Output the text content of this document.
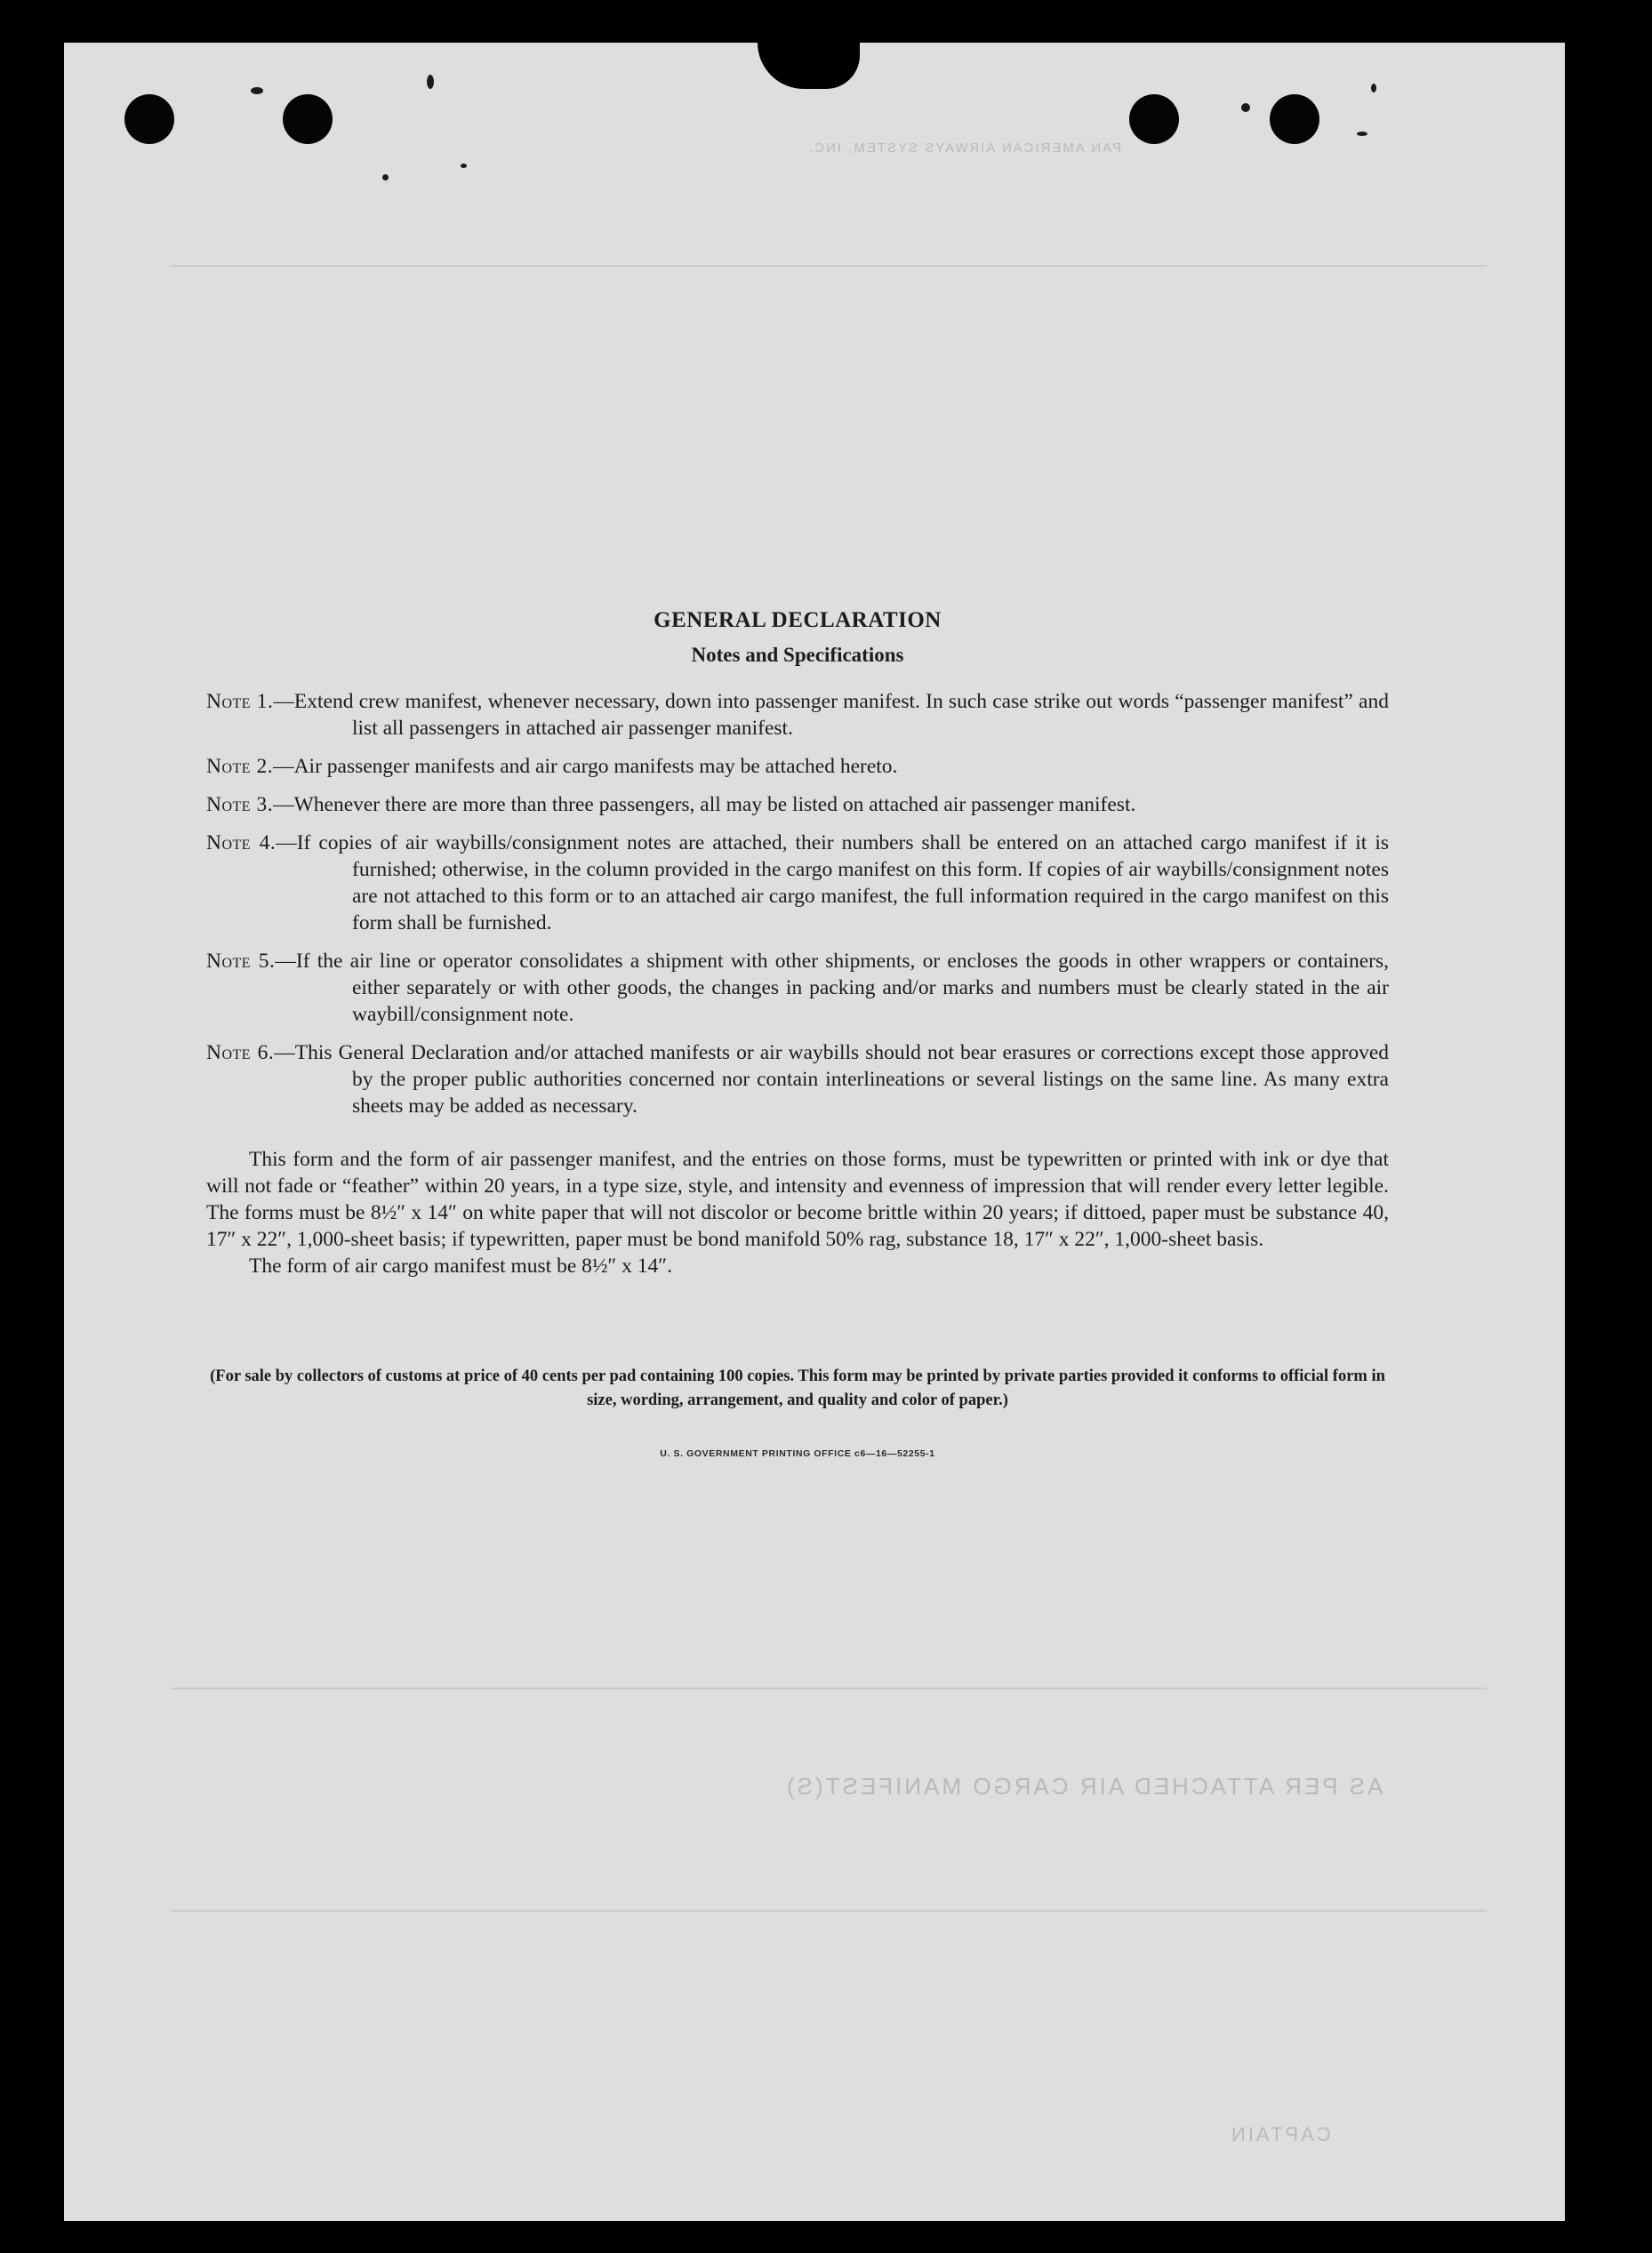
PAN AMERICAN AIRWAYS SYSTEM, INC.
AS PER ATTACHED AIR CARGO MANIFEST(S)
CAPTAIN
GENERAL DECLARATION
Notes and Specifications
Note 1.—Extend crew manifest, whenever necessary, down into passenger manifest. In such case strike out words “passenger manifest” and list all passengers in attached air passenger manifest.
Note 2.—Air passenger manifests and air cargo manifests may be attached hereto.
Note 3.—Whenever there are more than three passengers, all may be listed on attached air passenger manifest.
Note 4.—If copies of air waybills/consignment notes are attached, their numbers shall be entered on an attached cargo manifest if it is furnished; otherwise, in the column provided in the cargo manifest on this form. If copies of air waybills/consignment notes are not attached to this form or to an attached air cargo manifest, the full information required in the cargo manifest on this form shall be furnished.
Note 5.—If the air line or operator consolidates a shipment with other shipments, or encloses the goods in other wrappers or containers, either separately or with other goods, the changes in packing and/or marks and numbers must be clearly stated in the air waybill/consignment note.
Note 6.—This General Declaration and/or attached manifests or air waybills should not bear erasures or corrections except those approved by the proper public authorities concerned nor contain interlineations or several listings on the same line. As many extra sheets may be added as necessary.
This form and the form of air passenger manifest, and the entries on those forms, must be typewritten or printed with ink or dye that will not fade or “feather” within 20 years, in a type size, style, and intensity and evenness of impression that will render every letter legible. The forms must be 8½″ x 14″ on white paper that will not discolor or become brittle within 20 years; if dittoed, paper must be substance 40, 17″ x 22″, 1,000-sheet basis; if typewritten, paper must be bond manifold 50% rag, substance 18, 17″ x 22″, 1,000-sheet basis.
The form of air cargo manifest must be 8½″ x 14″.
(For sale by collectors of customs at price of 40 cents per pad containing 100 copies. This form may be printed by private parties provided it conforms to official form in size, wording, arrangement, and quality and color of paper.)
U. S. GOVERNMENT PRINTING OFFICE c6—16—52255-1
